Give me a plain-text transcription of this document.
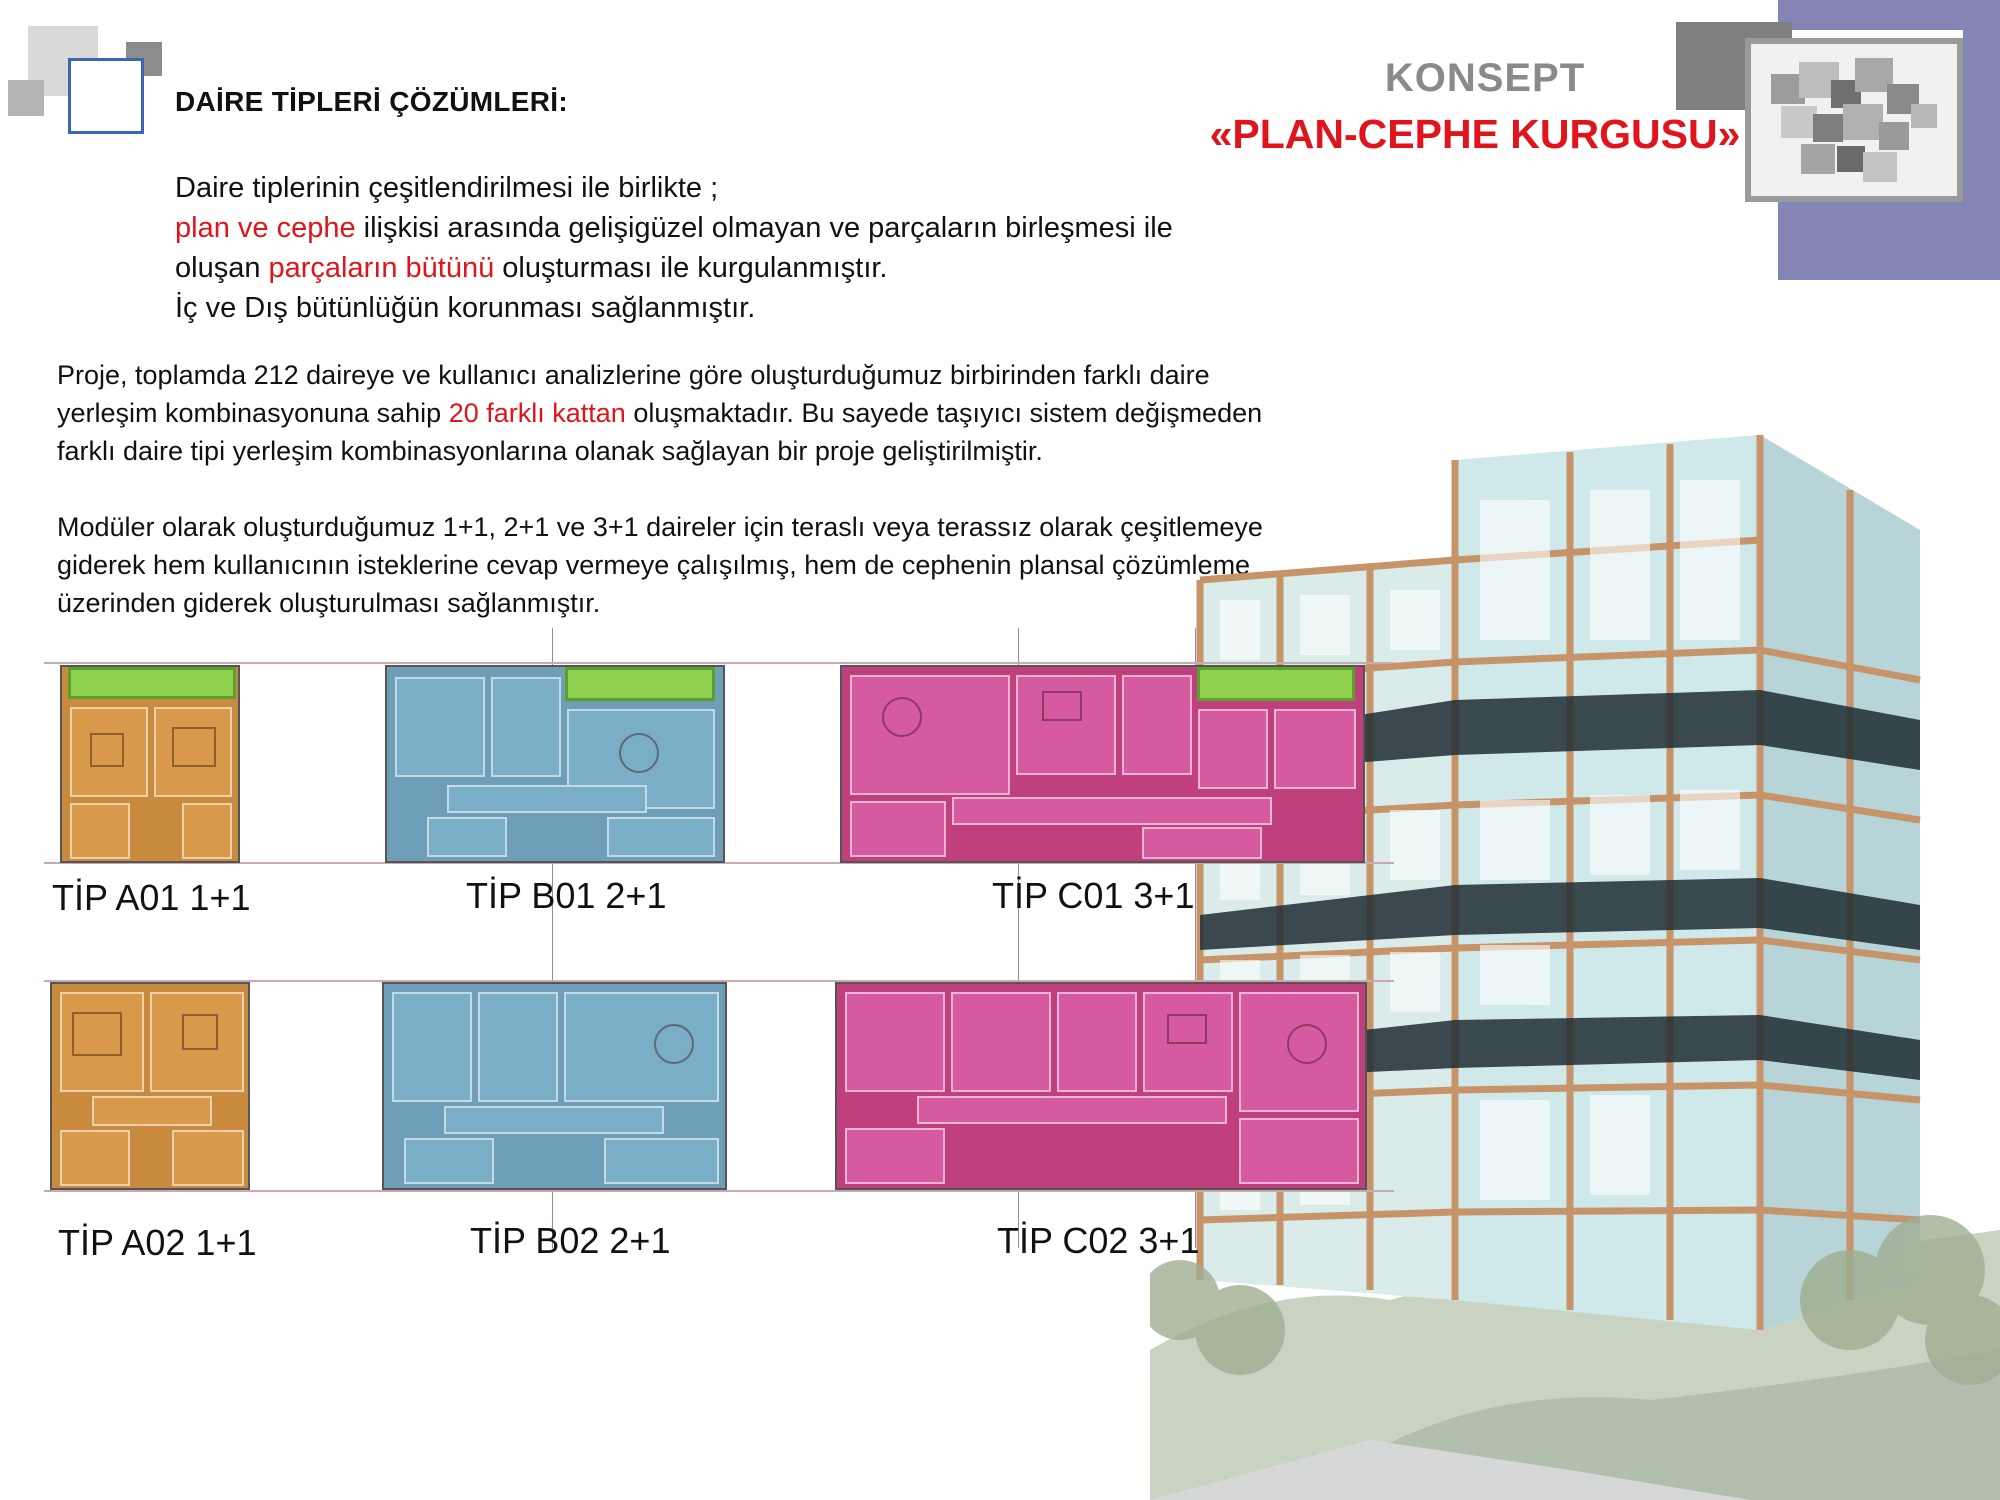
DAİRE TİPLERİ ÇÖZÜMLERİ:
KONSEPT
«PLAN-CEPHE KURGUSU»
Daire tiplerinin çeşitlendirilmesi ile birlikte ;
plan ve cephe ilişkisi arasında gelişigüzel olmayan ve parçaların birleşmesi ile
oluşan parçaların bütünü oluşturması ile kurgulanmıştır.
İç ve Dış bütünlüğün korunması sağlanmıştır.
Proje, toplamda 212 daireye ve kullanıcı analizlerine göre oluşturduğumuz birbirinden farklı daire
yerleşim kombinasyonuna sahip 20 farklı kattan oluşmaktadır. Bu sayede taşıyıcı sistem değişmeden
farklı daire tipi yerleşim kombinasyonlarına olanak sağlayan bir proje geliştirilmiştir.
Modüler olarak oluşturduğumuz 1+1, 2+1 ve 3+1 daireler için teraslı veya terassız olarak çeşitlemeye
giderek hem kullanıcının isteklerine cevap vermeye çalışılmış, hem de cephenin plansal çözümleme
üzerinden giderek oluşturulması sağlanmıştır.
TİP A01 1+1	TİP B01 2+1	TİP C01 3+1
TİP A02 1+1	TİP B02 2+1	TİP C02 3+1
